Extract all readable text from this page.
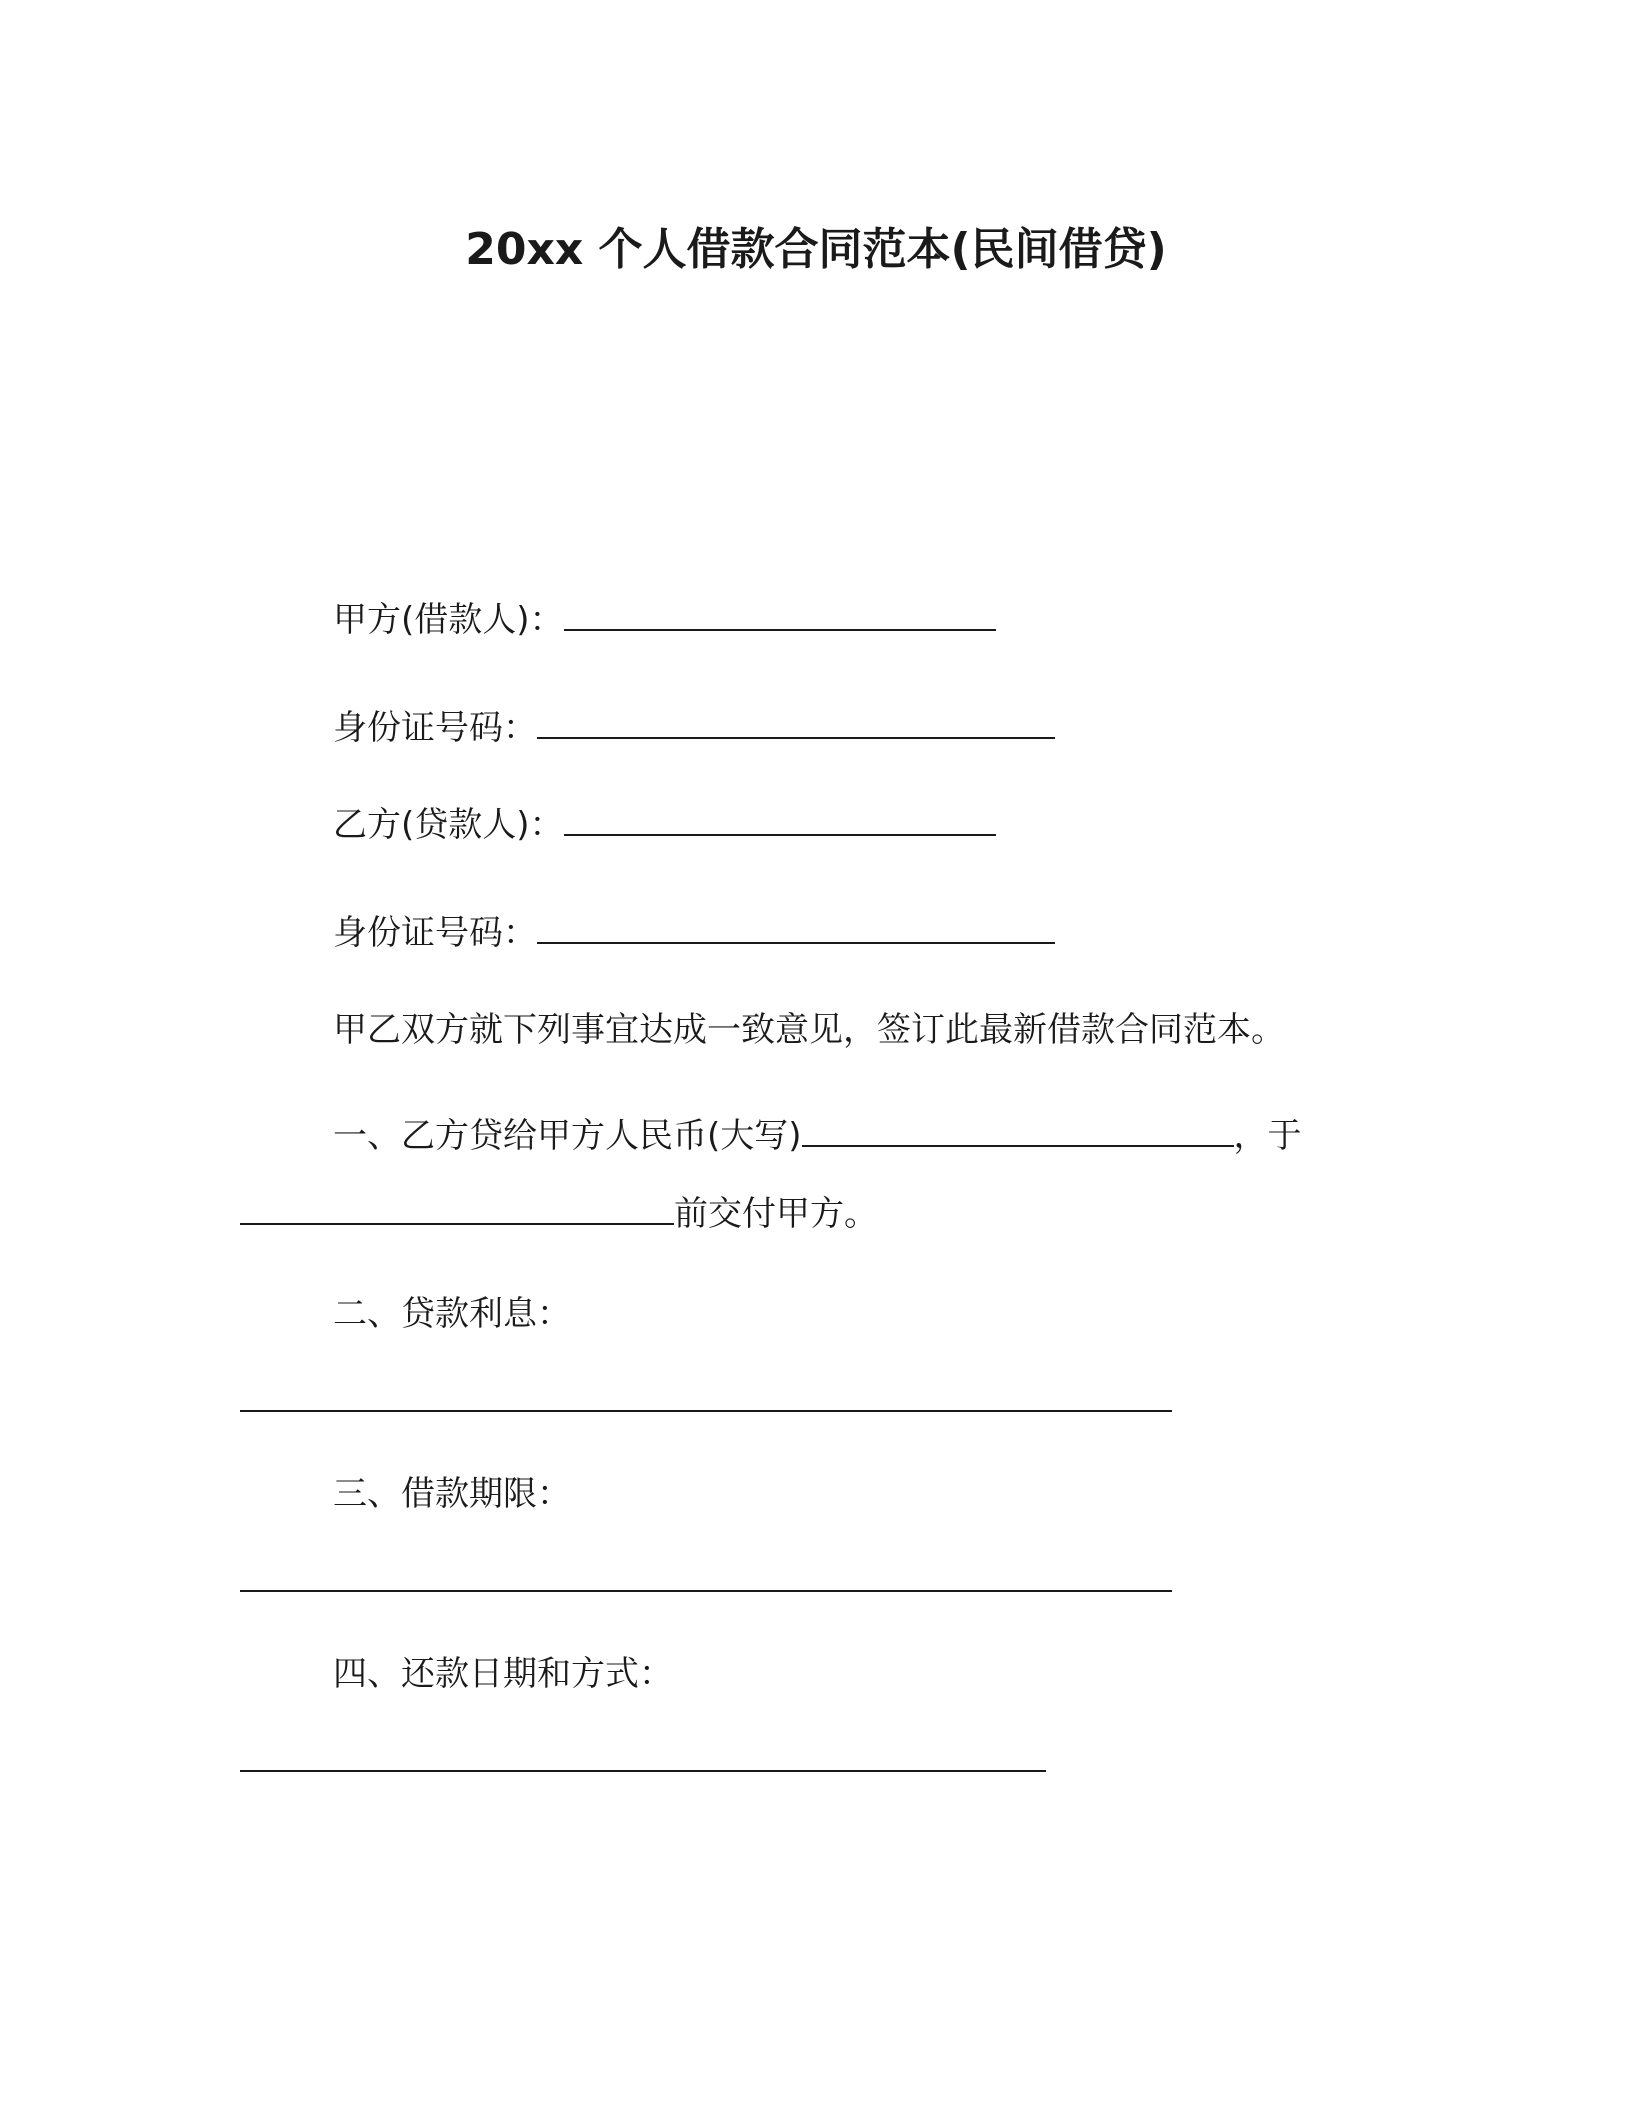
20xx 个人借款合同范本(民间借贷)
甲方(借款人)：
身份证号码：
乙方(贷款人)：
身份证号码：
甲乙双方就下列事宜达成一致意见，签订此最新借款合同范本。
一、乙方贷给甲方人民币(大写)	，于
前交付甲方。
二、贷款利息：
三、借款期限：
四、还款日期和方式：
